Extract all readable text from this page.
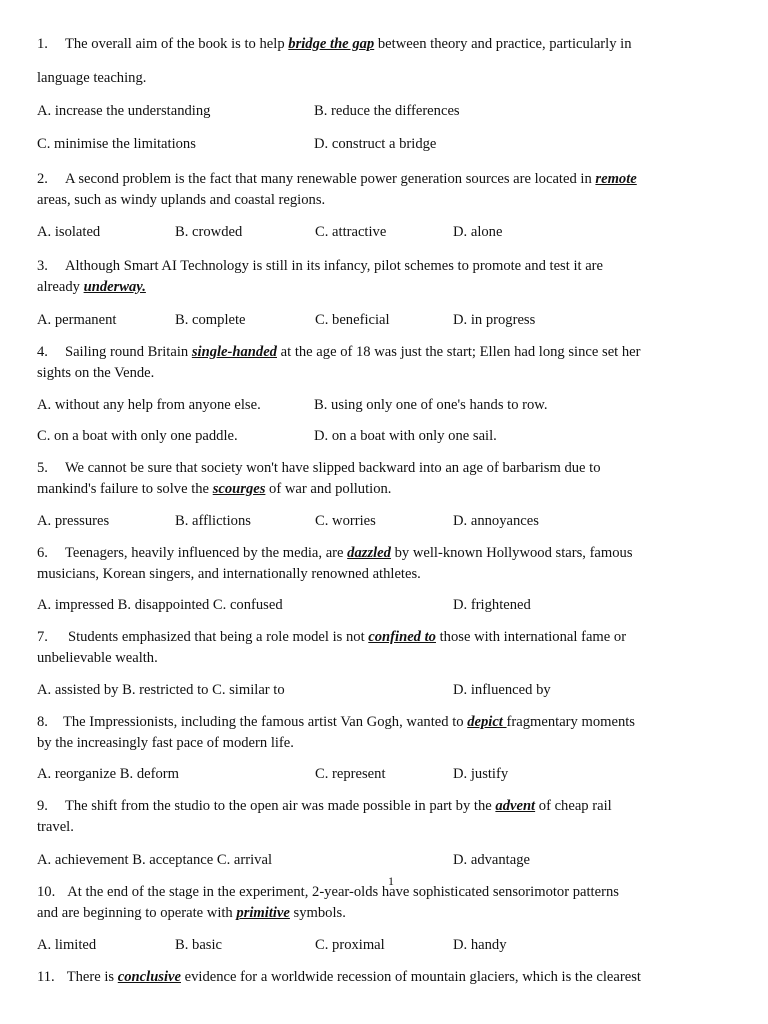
1. The overall aim of the book is to help bridge the gap between theory and practice, particularly in
language teaching.
A. increase the understanding	B. reduce the differences
C. minimise the limitations	D. construct a bridge
2. A second problem is the fact that many renewable power generation sources are located in remote
areas, such as windy uplands and coastal regions.
A. isolated	B. crowded	C. attractive	D. alone
3. Although Smart AI Technology is still in its infancy, pilot schemes to promote and test it are
already underway.
A. permanent	B. complete	C. beneficial	D. in progress
4. Sailing round Britain single-handed at the age of 18 was just the start; Ellen had long since set her
sights on the Vende.
A. without any help from anyone else.	B. using only one of one's hands to row.
C. on a boat with only one paddle.	D. on a boat with only one sail.
5. We cannot be sure that society won't have slipped backward into an age of barbarism due to
mankind's failure to solve the scourges of war and pollution.
A. pressures	B. afflictions	C. worries	D. annoyances
6. Teenagers, heavily influenced by the media, are dazzled by well-known Hollywood stars, famous
musicians, Korean singers, and internationally renowned athletes.
A. impressed B. disappointed C. confused	D. frightened
7. Students emphasized that being a role model is not confined to those with international fame or
unbelievable wealth.
A. assisted by B. restricted to C. similar to	D. influenced by
8. The Impressionists, including the famous artist Van Gogh, wanted to depict fragmentary moments
by the increasingly fast pace of modern life.
A. reorganize B. deform	C. represent	D. justify
9. The shift from the studio to the open air was made possible in part by the advent of cheap rail
travel.
A. achievement B. acceptance C. arrival	D. advantage
1
10. At the end of the stage in the experiment, 2-year-olds have sophisticated sensorimotor patterns
and are beginning to operate with primitive symbols.
A. limited	B. basic	C. proximal	D. handy
11. There is conclusive evidence for a worldwide recession of mountain glaciers, which is the clearest
